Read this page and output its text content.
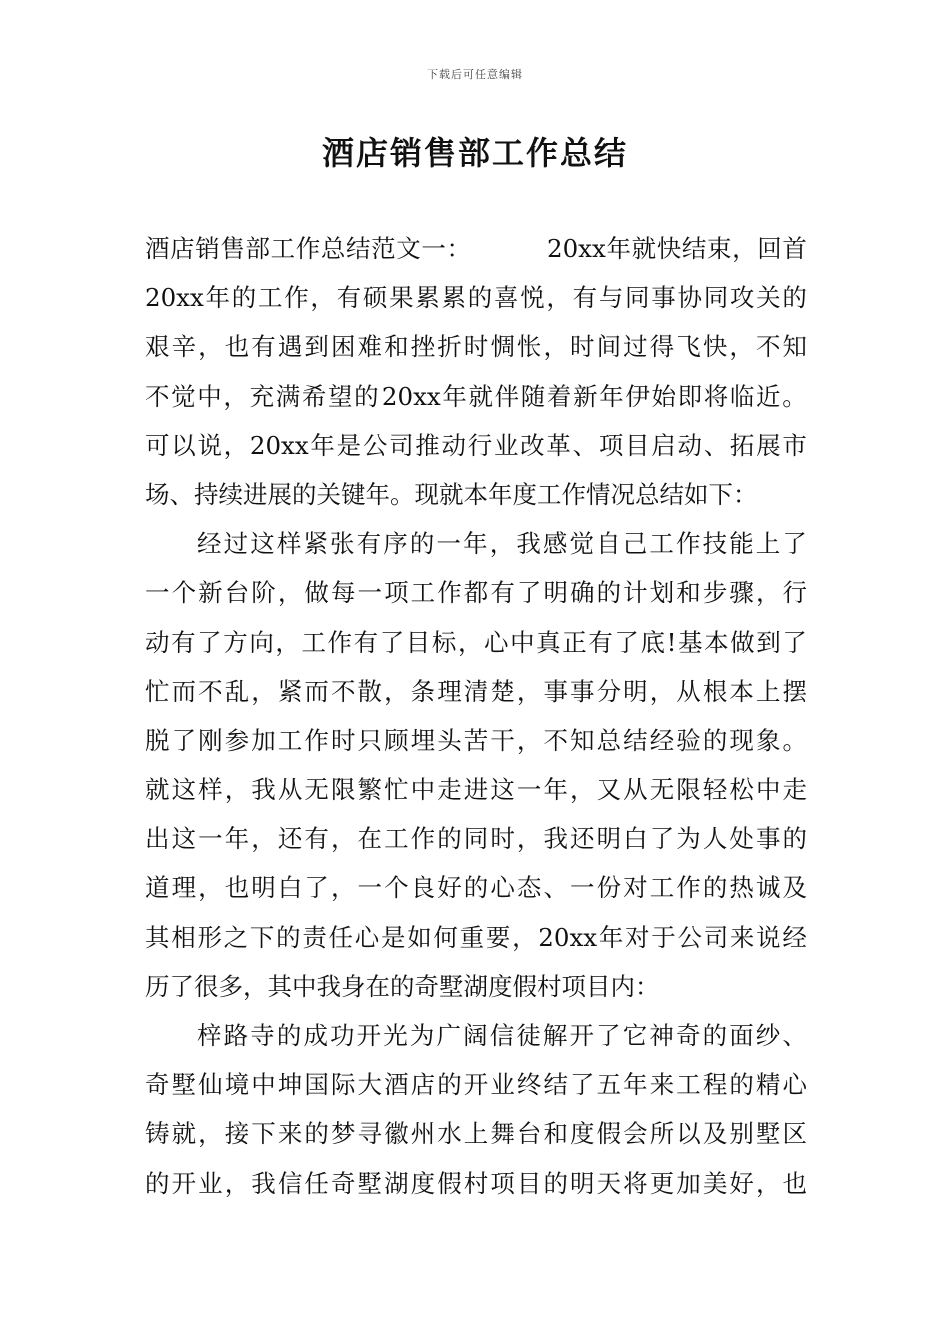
下载后可任意编辑
酒店销售部工作总结
酒 店 销 售 部 工 作 总 结 范 文 一 ：

　	20xx 年 就 快 结 束 ， 回 首
20xx 年 的 工 作 ， 有 硕 果 累 累 的 喜 悦 ， 有 与 同 事 协 同 攻 关 的
艰 辛 ， 也 有 遇 到 困 难 和 挫 折 时 惆 怅 ， 时 间 过 得 飞 快 ， 不 知
不 觉 中 ， 充 满 希 望 的 20xx 年 就 伴 随 着 新 年 伊 始 即 将 临 近 。
可 以 说 ， 20xx 年 是 公 司 推 动 行 业 改 革 、 项 目 启 动 、 拓 展 市
场 、 持 续 进 展 的 关 键 年 。 现 就 本 年 度 工 作 情 况 总 结 如 下 ：
经 过 这 样 紧 张 有 序 的 一 年 ， 我 感 觉 自 己 工 作 技 能 上 了
一 个 新 台 阶 ， 做 每 一 项 工 作 都 有 了 明 确 的 计 划 和 步 骤 ， 行
动 有 了 方 向 ， 工 作 有 了 目 标 ， 心 中 真 正 有 了 底 ! 基 本 做 到 了
忙 而 不 乱 ， 紧 而 不 散 ， 条 理 清 楚 ， 事 事 分 明 ， 从 根 本 上 摆
脱 了 刚 参 加 工 作 时 只 顾 埋 头 苦 干 ， 不 知 总 结 经 验 的 现 象 。
就 这 样 ， 我 从 无 限 繁 忙 中 走 进 这 一 年 ， 又 从 无 限 轻 松 中 走
出 这 一 年 ， 还 有 ， 在 工 作 的 同 时 ， 我 还 明 白 了 为 人 处 事 的
道 理 ， 也 明 白 了 ， 一 个 良 好 的 心 态 、 一 份 对 工 作 的 热 诚 及
其 相 形 之 下 的 责 任 心 是 如 何 重 要 ， 20xx 年 对 于 公 司 来 说 经
历 了 很 多 ， 其 中 我 身 在 的 奇 墅 湖 度 假 村 项 目 内 ：
梓 路 寺 的 成 功 开 光 为 广 阔 信 徒 解 开 了 它 神 奇 的 面 纱 、
奇 墅 仙 境 中 坤 国 际 大 酒 店 的 开 业 终 结 了 五 年 来 工 程 的 精 心
铸 就 ， 接 下 来 的 梦 寻 徽 州 水 上 舞 台 和 度 假 会 所 以 及 别 墅 区
的 开 业 ， 我 信 任 奇 墅 湖 度 假 村 项 目 的 明 天 将 更 加 美 好 ， 也
